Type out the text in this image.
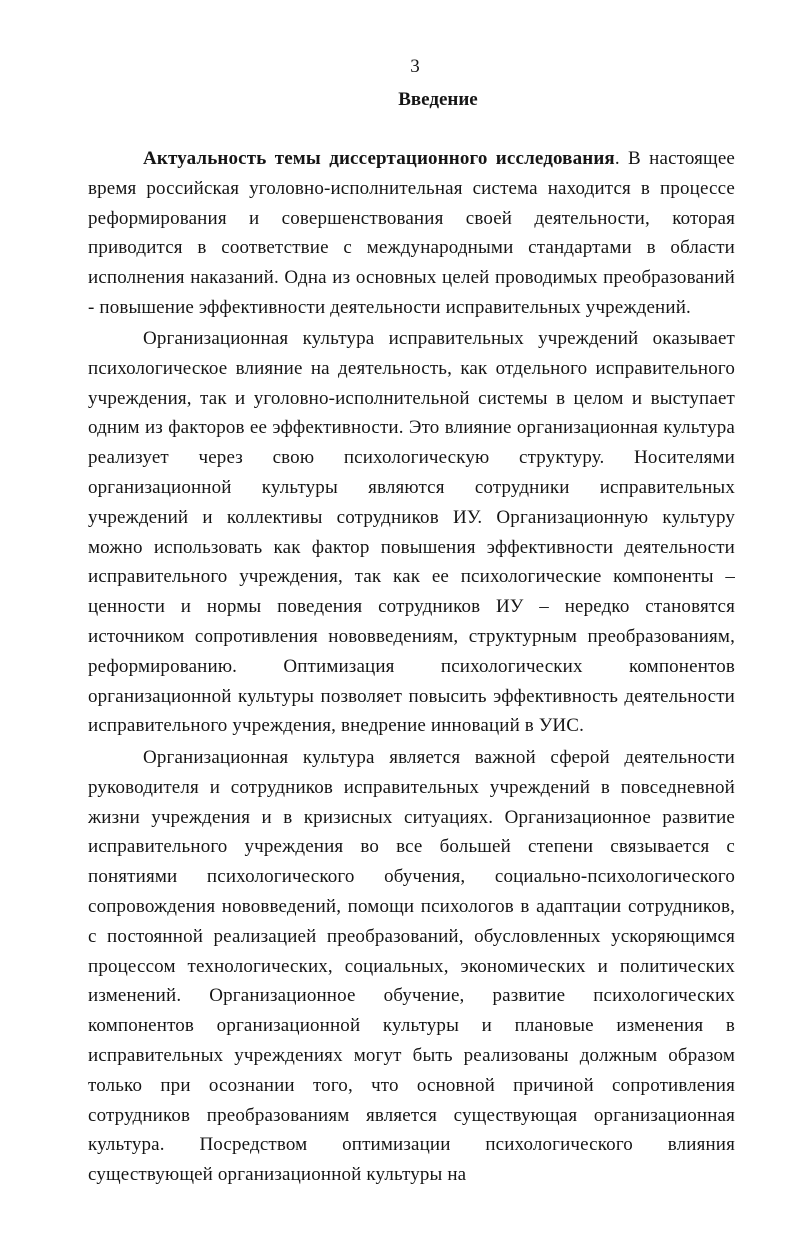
3
Введение

Актуальность темы диссертационного исследования. В настоящее время российская уголовно-исполнительная система находится в процессе реформирования и совершенствования своей деятельности, которая приводится в соответствие с международными стандартами в области исполнения наказаний. Одна из основных целей проводимых преобразований - повышение эффективности деятельности исправительных учреждений.

Организационная культура исправительных учреждений оказывает психологическое влияние на деятельность, как отдельного исправительного учреждения, так и уголовно-исполнительной системы в целом и выступает одним из факторов ее эффективности. Это влияние организационная культура реализует через свою психологическую структуру. Носителями организационной культуры являются сотрудники исправительных учреждений и коллективы сотрудников ИУ. Организационную культуру можно использовать как фактор повышения эффективности деятельности исправительного учреждения, так как ее психологические компоненты – ценности и нормы поведения сотрудников ИУ – нередко становятся источником сопротивления нововведениям, структурным преобразованиям, реформированию. Оптимизация психологических компонентов организационной культуры позволяет повысить эффективность деятельности исправительного учреждения, внедрение инноваций в УИС.

Организационная культура является важной сферой деятельности руководителя и сотрудников исправительных учреждений в повседневной жизни учреждения и в кризисных ситуациях. Организационное развитие исправительного учреждения во все большей степени связывается с понятиями психологического обучения, социально-психологического сопровождения нововведений, помощи психологов в адаптации сотрудников, с постоянной реализацией преобразований, обусловленных ускоряющимся процессом технологических, социальных, экономических и политических изменений. Организационное обучение, развитие психологических компонентов организационной культуры и плановые изменения в исправительных учреждениях могут быть реализованы должным образом только при осознании того, что основной причиной сопротивления сотрудников преобразованиям является существующая организационная культура. Посредством оптимизации психологического влияния существующей организационной культуры на
